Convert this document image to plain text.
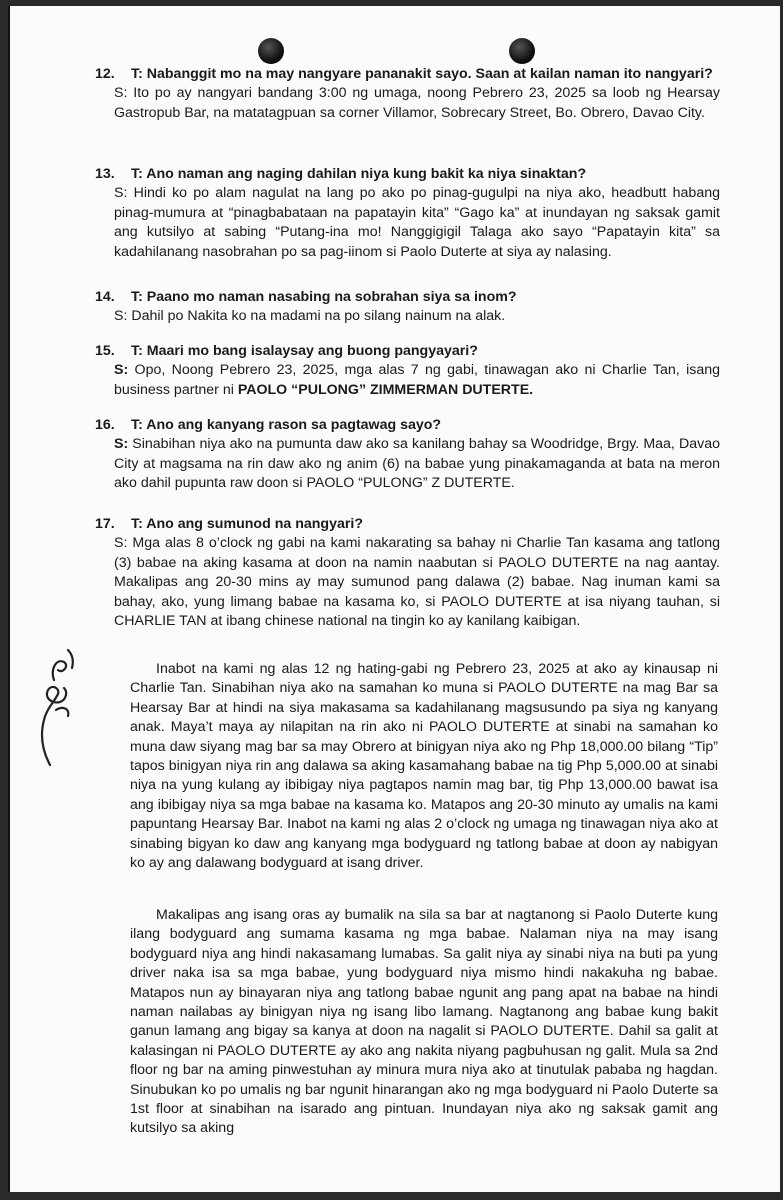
12.	T: Nabanggit mo na may nangyare pananakit sayo. Saan at kailan naman ito nangyari?
S: Ito po ay nangyari bandang 3:00 ng umaga, noong Pebrero 23, 2025 sa loob ng Hearsay Gastropub Bar, na matatagpuan sa corner Villamor, Sobrecary Street, Bo. Obrero, Davao City.
13.	T: Ano naman ang naging dahilan niya kung bakit ka niya sinaktan?
S: Hindi ko po alam nagulat na lang po ako po pinag-gugulpi na niya ako, headbutt habang pinag-mumura at “pinagbabataan na papatayin kita” “Gago ka” at inundayan ng saksak gamit ang kutsilyo at sabing “Putang-ina mo! Nanggigigil Talaga ako sayo “Papatayin kita” sa kadahilanang nasobrahan po sa pag-iinom si Paolo Duterte at siya ay nalasing.
14.	T: Paano mo naman nasabing na sobrahan siya sa inom?
S: Dahil po Nakita ko na madami na po silang nainum na alak.
15.	T: Maari mo bang isalaysay ang buong pangyayari?
S: Opo, Noong Pebrero 23, 2025, mga alas 7 ng gabi, tinawagan ako ni Charlie Tan, isang business partner ni PAOLO “PULONG” ZIMMERMAN DUTERTE.
16.	T: Ano ang kanyang rason sa pagtawag sayo?
S: Sinabihan niya ako na pumunta daw ako sa kanilang bahay sa Woodridge, Brgy. Maa, Davao City at magsama na rin daw ako ng anim (6) na babae yung pinakamaganda at bata na meron ako dahil pupunta raw doon si PAOLO “PULONG” Z DUTERTE.
17.	T: Ano ang sumunod na nangyari?
S: Mga alas 8 o’clock ng gabi na kami nakarating sa bahay ni Charlie Tan kasama ang tatlong (3) babae na aking kasama at doon na namin naabutan si PAOLO DUTERTE na nag aantay. Makalipas ang 20-30 mins ay may sumunod pang dalawa (2) babae. Nag inuman kami sa bahay, ako, yung limang babae na kasama ko, si PAOLO DUTERTE at isa niyang tauhan, si CHARLIE TAN at ibang chinese national na tingin ko ay kanilang kaibigan.
Inabot na kami ng alas 12 ng hating-gabi ng Pebrero 23, 2025 at ako ay kinausap ni Charlie Tan. Sinabihan niya ako na samahan ko muna si PAOLO DUTERTE na mag Bar sa Hearsay Bar at hindi na siya makasama sa kadahilanang magsusundo pa siya ng kanyang anak. Maya’t maya ay nilapitan na rin ako ni PAOLO DUTERTE at sinabi na samahan ko muna daw siyang mag bar sa may Obrero at binigyan niya ako ng Php 18,000.00 bilang “Tip” tapos binigyan niya rin ang dalawa sa aking kasamahang babae na tig Php 5,000.00 at sinabi niya na yung kulang ay ibibigay niya pagtapos namin mag bar, tig Php 13,000.00 bawat isa ang ibibigay niya sa mga babae na kasama ko. Matapos ang 20-30 minuto ay umalis na kami papuntang Hearsay Bar. Inabot na kami ng alas 2 o’clock ng umaga ng tinawagan niya ako at sinabing bigyan ko daw ang kanyang mga bodyguard ng tatlong babae at doon ay nabigyan ko ay ang dalawang bodyguard at isang driver.
Makalipas ang isang oras ay bumalik na sila sa bar at nagtanong si Paolo Duterte kung ilang bodyguard ang sumama kasama ng mga babae. Nalaman niya na may isang bodyguard niya ang hindi nakasamang lumabas. Sa galit niya ay sinabi niya na buti pa yung driver naka isa sa mga babae, yung bodyguard niya mismo hindi nakakuha ng babae. Matapos nun ay binayaran niya ang tatlong babae ngunit ang pang apat na babae na hindi naman nailabas ay binigyan niya ng isang libo lamang. Nagtanong ang babae kung bakit ganun lamang ang bigay sa kanya at doon na nagalit si PAOLO DUTERTE. Dahil sa galit at kalasingan ni PAOLO DUTERTE ay ako ang nakita niyang pagbuhusan ng galit. Mula sa 2nd floor ng bar na aming pinwestuhan ay minura mura niya ako at tinutulak pababa ng hagdan. Sinubukan ko po umalis ng bar ngunit hinarangan ako ng mga bodyguard ni Paolo Duterte sa 1st floor at sinabihan na isarado ang pintuan. Inundayan niya ako ng saksak gamit ang kutsilyo sa aking
